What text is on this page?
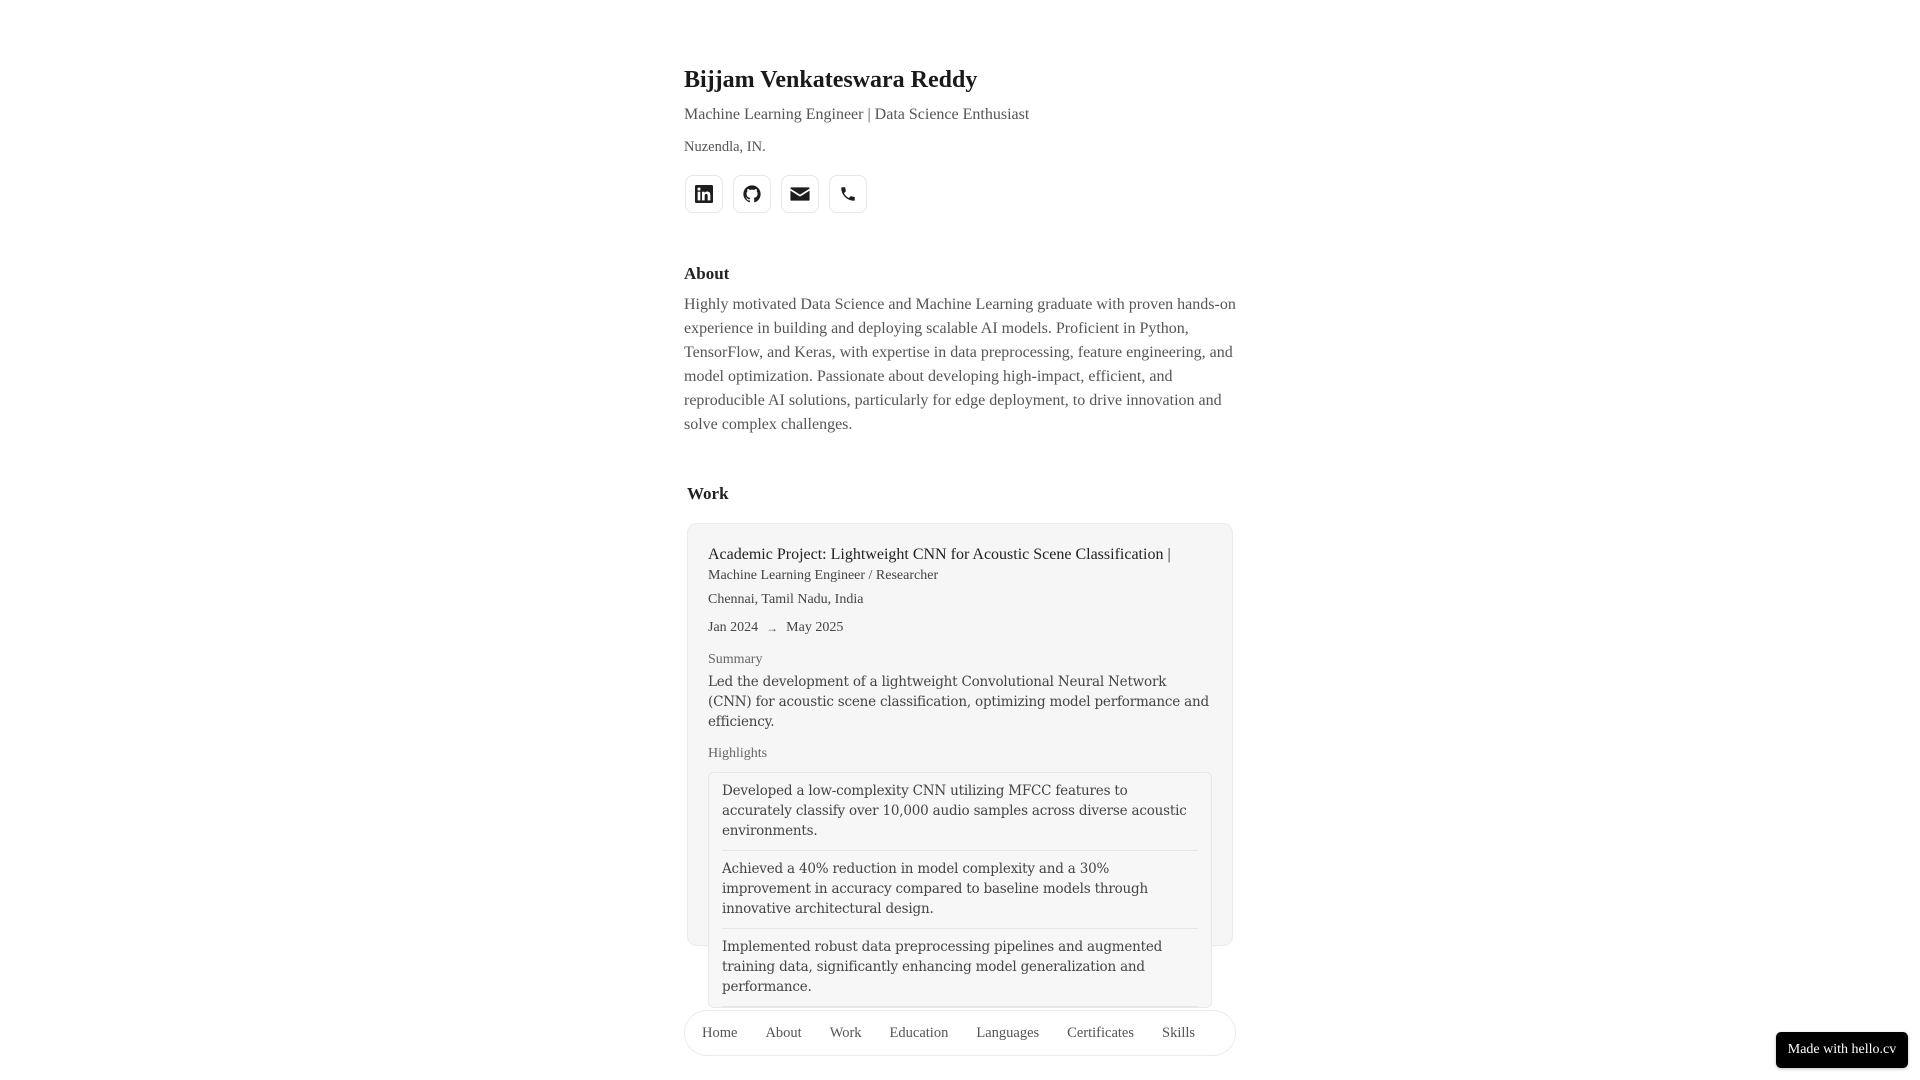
Bijjam Venkateswara Reddy
Machine Learning Engineer | Data Science Enthusiast
Nuzendla, IN.
About

Highly motivated Data Science and Machine Learning graduate with proven hands-on experience in building and deploying scalable AI models. Proficient in Python, TensorFlow, and Keras, with expertise in data preprocessing, feature engineering, and model optimization. Passionate about developing high-impact, efficient, and reproducible AI solutions, particularly for edge deployment, to drive innovation and solve complex challenges.

Work
Academic Project: Lightweight CNN for Acoustic Scene Classification |
Machine Learning Engineer / Researcher
Chennai, Tamil Nadu, India
Jan 2024 → May 2025
Summary
Led the development of a lightweight Convolutional Neural Network (CNN) for acoustic scene classification, optimizing model performance and efficiency.
Highlights
Developed a low-complexity CNN utilizing MFCC features to accurately classify over 10,000 audio samples across diverse acoustic environments.
Achieved a 40% reduction in model complexity and a 30% improvement in accuracy compared to baseline models through innovative architectural design.
Implemented robust data preprocessing pipelines and augmented training data, significantly enhancing model generalization and performance.
Home	About	Work	Education	Languages	Certificates	Skills
Made with hello.cv
